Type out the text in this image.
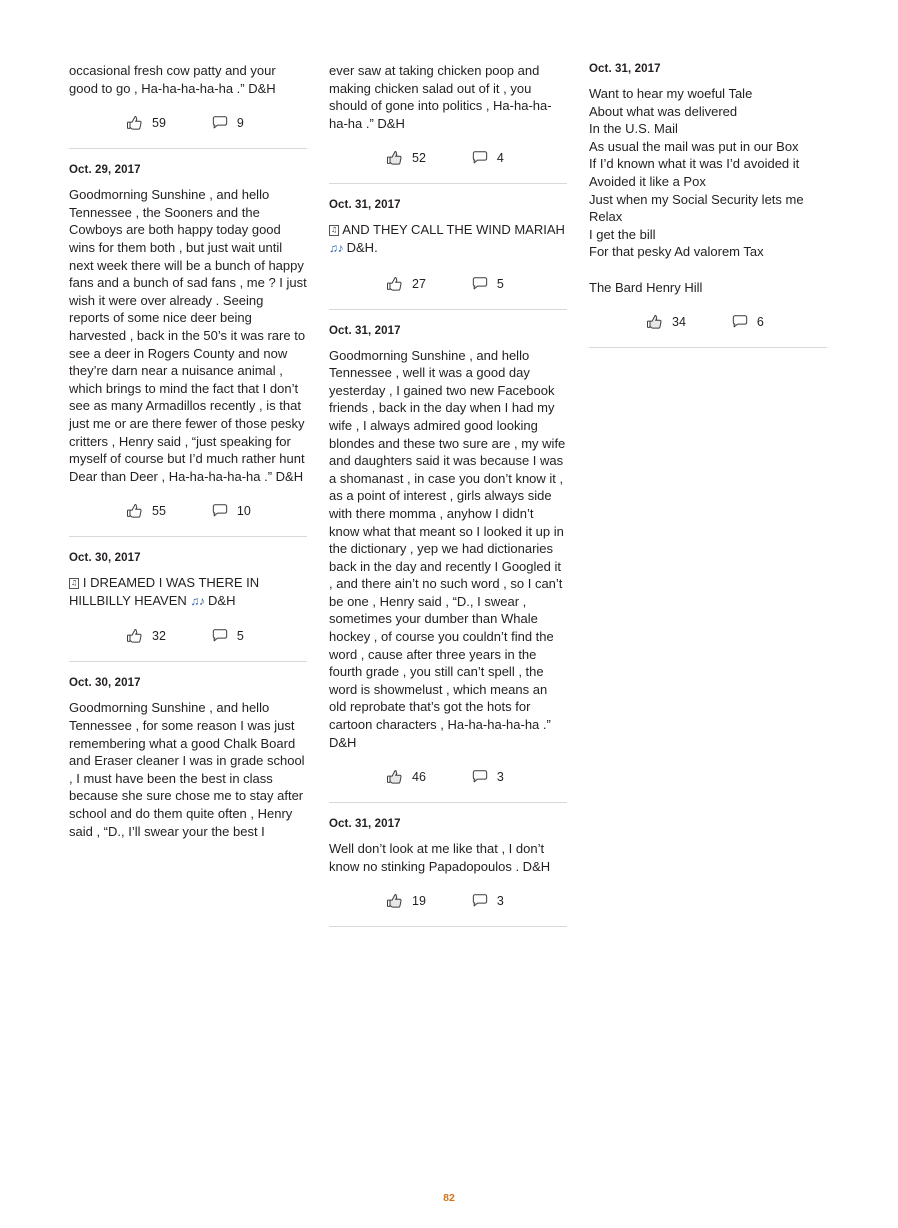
occasional fresh cow patty and your good to go , Ha-ha-ha-ha-ha .” D&H

59	9
Oct. 29, 2017

Goodmorning Sunshine , and hello Tennessee , the Sooners and the Cowboys are both happy today good wins for them both , but just wait until next week there will be a bunch of happy fans and a bunch of sad fans , me ? I just wish it were over already . Seeing reports of some nice deer being harvested , back in the 50’s it was rare to see a deer in Rogers County and now they’re darn near a nuisance animal , which brings to mind the fact that I don’t see as many Armadillos recently , is that just me or are there fewer of those pesky critters , Henry said , “just speaking for myself of course but I’d much rather hunt Dear than Deer , Ha-ha-ha-ha-ha .” D&H

55	10
Oct. 30, 2017

♫ I DREAMED I WAS THERE IN HILLBILLY HEAVEN ♫♪ D&H

32	5
Oct. 30, 2017

Goodmorning Sunshine , and hello Tennessee , for some reason I was just remembering what a good Chalk Board and Eraser cleaner I was in grade school , I must have been the best in class because she sure chose me to stay after school and do them quite often , Henry said , “D., I’ll swear your the best I

ever saw at taking chicken poop and making chicken salad out of it , you should of gone into politics , Ha-ha-ha-ha-ha .” D&H

52	4
Oct. 31, 2017

♫ AND THEY CALL THE WIND MARIAH ♫♪ D&H.

27	5
Oct. 31, 2017

Goodmorning Sunshine , and hello Tennessee , well it was a good day yesterday , I gained two new Facebook friends , back in the day when I had my wife , I always admired good looking blondes and these two sure are , my wife and daughters said it was because I was a shomanast , in case you don’t know it , as a point of interest , girls always side with there momma , anyhow I didn’t know what that meant so I looked it up in the dictionary , yep we had dictionaries back in the day and recently I Googled it , and there ain’t no such word , so I can’t be one , Henry said , “D., I swear , sometimes your dumber than Whale hockey , of course you couldn’t find the word , cause after three years in the fourth grade , you still can’t spell , the word is showmelust , which means an old reprobate that’s got the hots for cartoon characters , Ha-ha-ha-ha-ha .” D&H

46	3
Oct. 31, 2017

Well don’t look at me like that , I don’t know no stinking Papadopoulos . D&H

19	3
Oct. 31, 2017

Want to hear my woeful Tale
About what was delivered
In the U.S. Mail
As usual the mail was put in our Box
If I’d known what it was I’d avoided it
Avoided it like a Pox
Just when my Social Security lets me Relax
I get the bill
For that pesky Ad valorem Tax
The Bard Henry Hill

34	6
82
